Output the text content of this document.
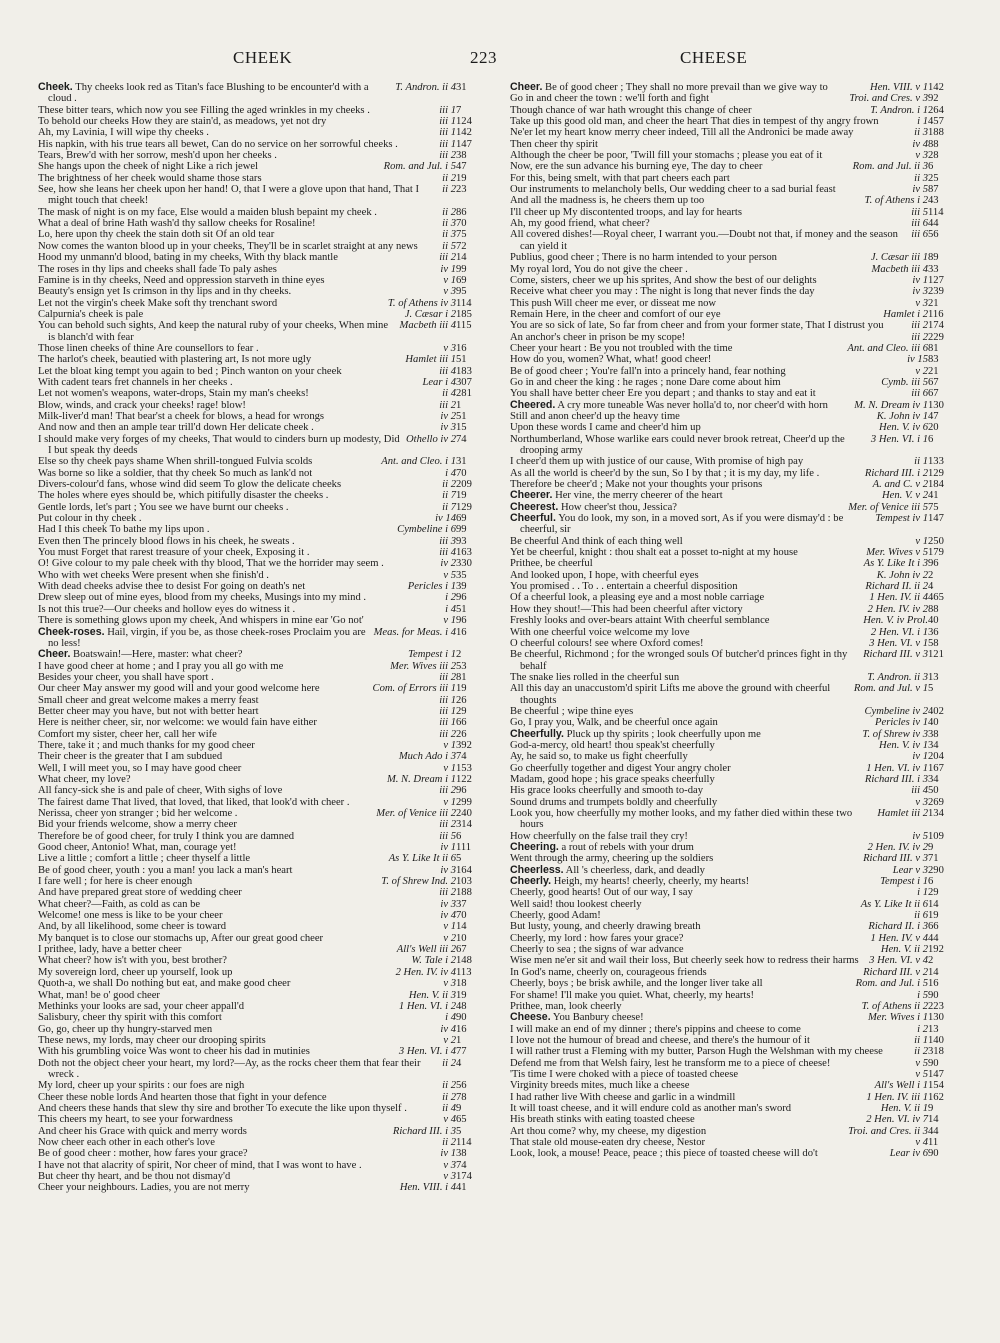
CHEEK	223	CHEESE
31
T. Andron. ii 4
Cheek. Thy cheeks look red as Titan's face Blushing to be encounter'd with a cloud .
7
iii 1
These bitter tears, which now you see Filling the aged wrinkles in my cheeks .
124
iii 1
To behold our cheeks How they are stain'd, as meadows, yet not dry
142
iii 1
Ah, my Lavinia, I will wipe thy cheeks .
147
iii 1
His napkin, with his true tears all bewet, Can do no service on her sorrowful cheeks .
38
iii 2
Tears, Brew'd with her sorrow, mesh'd upon her cheeks .
47
Rom. and Jul. i 5
She hangs upon the cheek of night Like a rich jewel
19
ii 2
The brightness of her cheek would shame those stars
23
ii 2
See, how she leans her cheek upon her hand! O, that I were a glove upon that hand, That I might touch that cheek!
86
ii 2
The mask of night is on my face, Else would a maiden blush bepaint my cheek .
70
ii 3
What a deal of brine Hath wash'd thy sallow cheeks for Rosaline!
75
ii 3
Lo, here upon thy cheek the stain doth sit Of an old tear
72
ii 5
Now comes the wanton blood up in your cheeks, They'll be in scarlet straight at any news
14
iii 2
Hood my unmann'd blood, bating in my cheeks, With thy black mantle
99
iv 1
The roses in thy lips and cheeks shall fade To paly ashes
69
v 1
Famine is in thy cheeks, Need and oppression starveth in thine eyes
95
v 3
Beauty's ensign yet Is crimson in thy lips and in thy cheeks.
114
T. of Athens iv 3
Let not the virgin's cheek Make soft thy trenchant sword
185
J. Cæsar i 2
Calpurnia's cheek is pale
115
Macbeth iii 4
You can behold such sights, And keep the natural ruby of your cheeks, When mine is blanch'd with fear
16
v 3
Those linen cheeks of thine Are counsellors to fear .
51
Hamlet iii 1
The harlot's cheek, beautied with plastering art, Is not more ugly
183
iii 4
Let the bloat king tempt you again to bed ; Pinch wanton on your cheek
307
Lear i 4
With cadent tears fret channels in her cheeks .
281
ii 4
Let not women's weapons, water-drops, Stain my man's cheeks!
1
iii 2
Blow, winds, and crack your cheeks! rage! blow!
51
iv 2
Milk-liver'd man! That bear'st a cheek for blows, a head for wrongs
15
iv 3
And now and then an ample tear trill'd down Her delicate cheek .
74
Othello iv 2
I should make very forges of my cheeks, That would to cinders burn up modesty, Did I but speak thy deeds
31
Ant. and Cleo. i 1
Else so thy cheek pays shame When shrill-tongued Fulvia scolds
70
i 4
Was borne so like a soldier, that thy cheek So much as lank'd not
209
ii 2
Divers-colour'd fans, whose wind did seem To glow the delicate cheeks
19
ii 7
The holes where eyes should be, which pitifully disaster the cheeks .
129
ii 7
Gentle lords, let's part ; You see we have burnt our cheeks .
69
iv 14
Put colour in thy cheek .
99
Cymbeline i 6
Had I this cheek To bathe my lips upon .
93
iii 3
Even then The princely blood flows in his cheek, he sweats .
163
iii 4
You must Forget that rarest treasure of your cheek, Exposing it .
330
iv 2
O! Give colour to my pale cheek with thy blood, That we the horrider may seem .
35
v 5
Who with wet cheeks Were present when she finish'd .
39
Pericles i 1
With dead cheeks advise thee to desist For going on death's net
96
i 2
Drew sleep out of mine eyes, blood from my cheeks, Musings into my mind .
51
i 4
Is not this true?—Our cheeks and hollow eyes do witness it .
96
v 1
There is something glows upon my cheek, And whispers in mine ear 'Go not'
16
Meas. for Meas. i 4
Cheek-roses. Hail, virgin, if you be, as those cheek-roses Proclaim you are no less!
2
Tempest i 1
Cheer. Boatswain!—Here, master: what cheer?
53
Mer. Wives iii 2
I have good cheer at home ; and I pray you all go with me
81
iii 2
Besides your cheer, you shall have sport .
19
Com. of Errors iii 1
Our cheer May answer my good will and your good welcome here
26
iii 1
Small cheer and great welcome makes a merry feast
29
iii 1
Better cheer may you have, but not with better heart
66
iii 1
Here is neither cheer, sir, nor welcome: we would fain have either
26
iii 2
Comfort my sister, cheer her, call her wife
392
v 1
There, take it ; and much thanks for my good cheer
74
Much Ado i 3
Their cheer is the greater that I am subdued
153
v 1
Well, I will meet you, so I may have good cheer
122
M. N. Dream i 1
What cheer, my love?
96
iii 2
All fancy-sick she is and pale of cheer, With sighs of love
299
v 1
The fairest dame That lived, that loved, that liked, that look'd with cheer .
240
Mer. of Venice iii 2
Nerissa, cheer yon stranger ; bid her welcome .
314
iii 2
Bid your friends welcome, show a merry cheer
6
iii 5
Therefore be of good cheer, for truly I think you are damned
111
iv 1
Good cheer, Antonio! What, man, courage yet!
5
As Y. Like It ii 6
Live a little ; comfort a little ; cheer thyself a little
164
iv 3
Be of good cheer, youth : you a man! you lack a man's heart
103
T. of Shrew Ind. 2
I fare well ; for here is cheer enough
188
iii 2
And have prepared great store of wedding cheer
37
iv 3
What cheer?—Faith, as cold as can be
70
iv 4
Welcome! one mess is like to be your cheer
14
v 1
And, by all likelihood, some cheer is toward
10
v 2
My banquet is to close our stomachs up, After our great good cheer
67
All's Well iii 2
I prithee, lady, have a better cheer
148
W. Tale i 2
What cheer? how is't with you, best brother?
113
2 Hen. IV. iv 4
My sovereign lord, cheer up yourself, look up
18
v 3
Quoth-a, we shall Do nothing but eat, and make good cheer
19
Hen. V. ii 3
What, man! be o' good cheer
48
1 Hen. VI. i 2
Methinks your looks are sad, your cheer appall'd
90
i 4
Salisbury, cheer thy spirit with this comfort
16
iv 4
Go, go, cheer up thy hungry-starved men
1
v 2
These news, my lords, may cheer our drooping spirits
77
3 Hen. VI. i 4
With his grumbling voice Was wont to cheer his dad in mutinies
4
ii 2
Doth not the object cheer your heart, my lord?—Ay, as the rocks cheer them that fear their wreck .
56
ii 2
My lord, cheer up your spirits : our foes are nigh
78
ii 2
Cheer these noble lords And hearten those that fight in your defence
9
ii 4
And cheers these hands that slew thy sire and brother To execute the like upon thyself .
65
v 4
This cheers my heart, to see your forwardness
5
Richard III. i 3
And cheer his Grace with quick and merry words
114
ii 2
Now cheer each other in each other's love
38
iv 1
Be of good cheer : mother, how fares your grace?
74
v 3
I have not that alacrity of spirit, Nor cheer of mind, that I was wont to have .
174
v 3
But cheer thy heart, and be thou not dismay'd
41
Hen. VIII. i 4
Cheer your neighbours. Ladies, you are not merry
142
Hen. VIII. v 1
Cheer. Be of good cheer ; They shall no more prevail than we give way to
92
Troi. and Cres. v 3
Go in and cheer the town : we'll forth and fight
264
T. Andron. i 1
Though chance of war hath wrought this change of cheer
457
i 1
Take up this good old man, and cheer the heart That dies in tempest of thy angry frown
188
ii 3
Ne'er let my heart know merry cheer indeed, Till all the Andronici be made away
88
iv 4
Then cheer thy spirit
28
v 3
Although the cheer be poor, 'Twill fill your stomachs ; please you eat of it
6
Rom. and Jul. ii 3
Now, ere the sun advance his burning eye, The day to cheer
25
ii 3
For this, being smelt, with that part cheers each part
87
iv 5
Our instruments to melancholy bells, Our wedding cheer to a sad burial feast
43
T. of Athens i 2
And all the madness is, he cheers them up too
114
iii 5
I'll cheer up My discontented troops, and lay for hearts
44
iii 6
Ah, my good friend, what cheer?
56
iii 6
All covered dishes!—Royal cheer, I warrant you.—Doubt not that, if money and the season can yield it
89
J. Cæsar iii 1
Publius, good cheer ; There is no harm intended to your person
33
Macbeth iii 4
My royal lord, You do not give the cheer .
127
iv 1
Come, sisters, cheer we up his sprites, And show the best of our delights
239
iv 3
Receive what cheer you may : The night is long that never finds the day
21
v 3
This push Will cheer me ever, or disseat me now
116
Hamlet i 2
Remain Here, in the cheer and comfort of our eye
174
iii 2
You are so sick of late, So far from cheer and from your former state, That I distrust you
229
iii 2
An anchor's cheer in prison be my scope!
81
Ant. and Cleo. iii 6
Cheer your heart : Be you not troubled with the time
83
iv 15
How do you, women? What, what! good cheer!
21
v 2
Be of good cheer ; You're fall'n into a princely hand, fear nothing
67
Cymb. iii 5
Go in and cheer the king : he rages ; none Dare come about him
67
iii 6
You shall have better cheer Ere you depart ; and thanks to stay and eat it
130
M. N. Dream iv 1
Cheered. A cry more tuneable Was never holla'd to, nor cheer'd with horn
47
K. John iv 1
Still and anon cheer'd up the heavy time
20
Hen. V. iv 6
Upon these words I came and cheer'd him up
6
3 Hen. VI. i 1
Northumberland, Whose warlike ears could never brook retreat, Cheer'd up the drooping army
133
ii 1
I cheer'd them up with justice of our cause, With promise of high pay
129
Richard III. i 2
As all the world is cheer'd by the sun, So I by that ; it is my day, my life .
184
A. and C. v 2
Therefore be cheer'd ; Make not your thoughts your prisons
41
Hen. V. v 2
Cheerer. Her vine, the merry cheerer of the heart
75
Mer. of Venice iii 5
Cheerest. How cheer'st thou, Jessica?
147
Tempest iv 1
Cheerful. You do look, my son, in a moved sort, As if you were dismay'd : be cheerful, sir
250
v 1
Be cheerful And think of each thing well
179
Mer. Wives v 5
Yet be cheerful, knight : thou shalt eat a posset to-night at my house
96
As Y. Like It i 3
Prithee, be cheerful
2
K. John iv 2
And looked upon, I hope, with cheerful eyes
4
Richard II. ii 2
You promised . . To . . entertain a cheerful disposition
465
1 Hen. IV. ii 4
Of a cheerful look, a pleasing eye and a most noble carriage
88
2 Hen. IV. iv 2
How they shout!—This had been cheerful after victory
40
Hen. V. iv Prol.
Freshly looks and over-bears attaint With cheerful semblance
36
2 Hen. VI. i 1
With one cheerful voice welcome my love
58
3 Hen. VI. v 1
O cheerful colours! see where Oxford comes!
121
Richard III. v 3
Be cheerful, Richmond ; for the wronged souls Of butcher'd princes fight in thy behalf
13
T. Andron. ii 3
The snake lies rolled in the cheerful sun
5
Rom. and Jul. v 1
All this day an unaccustom'd spirit Lifts me above the ground with cheerful thoughts
402
Cymbeline iv 2
Be cheerful ; wipe thine eyes
40
Pericles iv 1
Go, I pray you, Walk, and be cheerful once again
38
T. of Shrew iv 3
Cheerfully. Pluck up thy spirits ; look cheerfully upon me
34
Hen. V. iv 1
God-a-mercy, old heart! thou speak'st cheerfully
204
iv 1
Ay, he said so, to make us fight cheerfully
167
1 Hen. VI. iv 1
Go cheerfully together and digest Your angry choler
34
Richard III. i 3
Madam, good hope ; his grace speaks cheerfully
50
iii 4
His grace looks cheerfully and smooth to-day
269
v 3
Sound drums and trumpets boldly and cheerfully
134
Hamlet iii 2
Look you, how cheerfully my mother looks, and my father died within these two hours
109
iv 5
How cheerfully on the false trail they cry!
9
2 Hen. IV. iv 2
Cheering. a rout of rebels with your drum
71
Richard III. v 3
Went through the army, cheering up the soldiers
290
Lear v 3
Cheerless. All 's cheerless, dark, and deadly
6
Tempest i 1
Cheerly. Heigh, my hearts! cheerly, cheerly, my hearts!
29
i 1
Cheerly, good hearts! Out of our way, I say
14
As Y. Like It ii 6
Well said! thou lookest cheerly
19
ii 6
Cheerly, good Adam!
66
Richard II. i 3
But lusty, young, and cheerly drawing breath
44
1 Hen. IV. v 4
Cheerly, my lord : how fares your grace?
192
Hen. V. ii 2
Cheerly to sea ; the signs of war advance
2
3 Hen. VI. v 4
Wise men ne'er sit and wail their loss, But cheerly seek how to redress their harms
14
Richard III. v 2
In God's name, cheerly on, courageous friends
16
Rom. and Jul. i 5
Cheerly, boys ; be brisk awhile, and the longer liver take all
90
i 5
For shame! I'll make you quiet. What, cheerly, my hearts!
223
T. of Athens ii 2
Prithee, man, look cheerly
130
Mer. Wives i 1
Cheese. You Banbury cheese!
13
i 2
I will make an end of my dinner ; there's pippins and cheese to come
140
ii 1
I love not the humour of bread and cheese, and there's the humour of it
318
ii 2
I will rather trust a Fleming with my butter, Parson Hugh the Welshman with my cheese
90
v 5
Defend me from that Welsh fairy, lest he transform me to a piece of cheese!
147
v 5
'Tis time I were choked with a piece of toasted cheese
154
All's Well i 1
Virginity breeds mites, much like a cheese
162
1 Hen. IV. iii 1
I had rather live With cheese and garlic in a windmill
9
Hen. V. ii 1
It will toast cheese, and it will endure cold as another man's sword
14
2 Hen. VI. iv 7
His breath stinks with eating toasted cheese
44
Troi. and Cres. ii 3
Art thou come? why, my cheese, my digestion
11
v 4
That stale old mouse-eaten dry cheese, Nestor
90
Lear iv 6
Look, look, a mouse! Peace, peace ; this piece of toasted cheese will do't
